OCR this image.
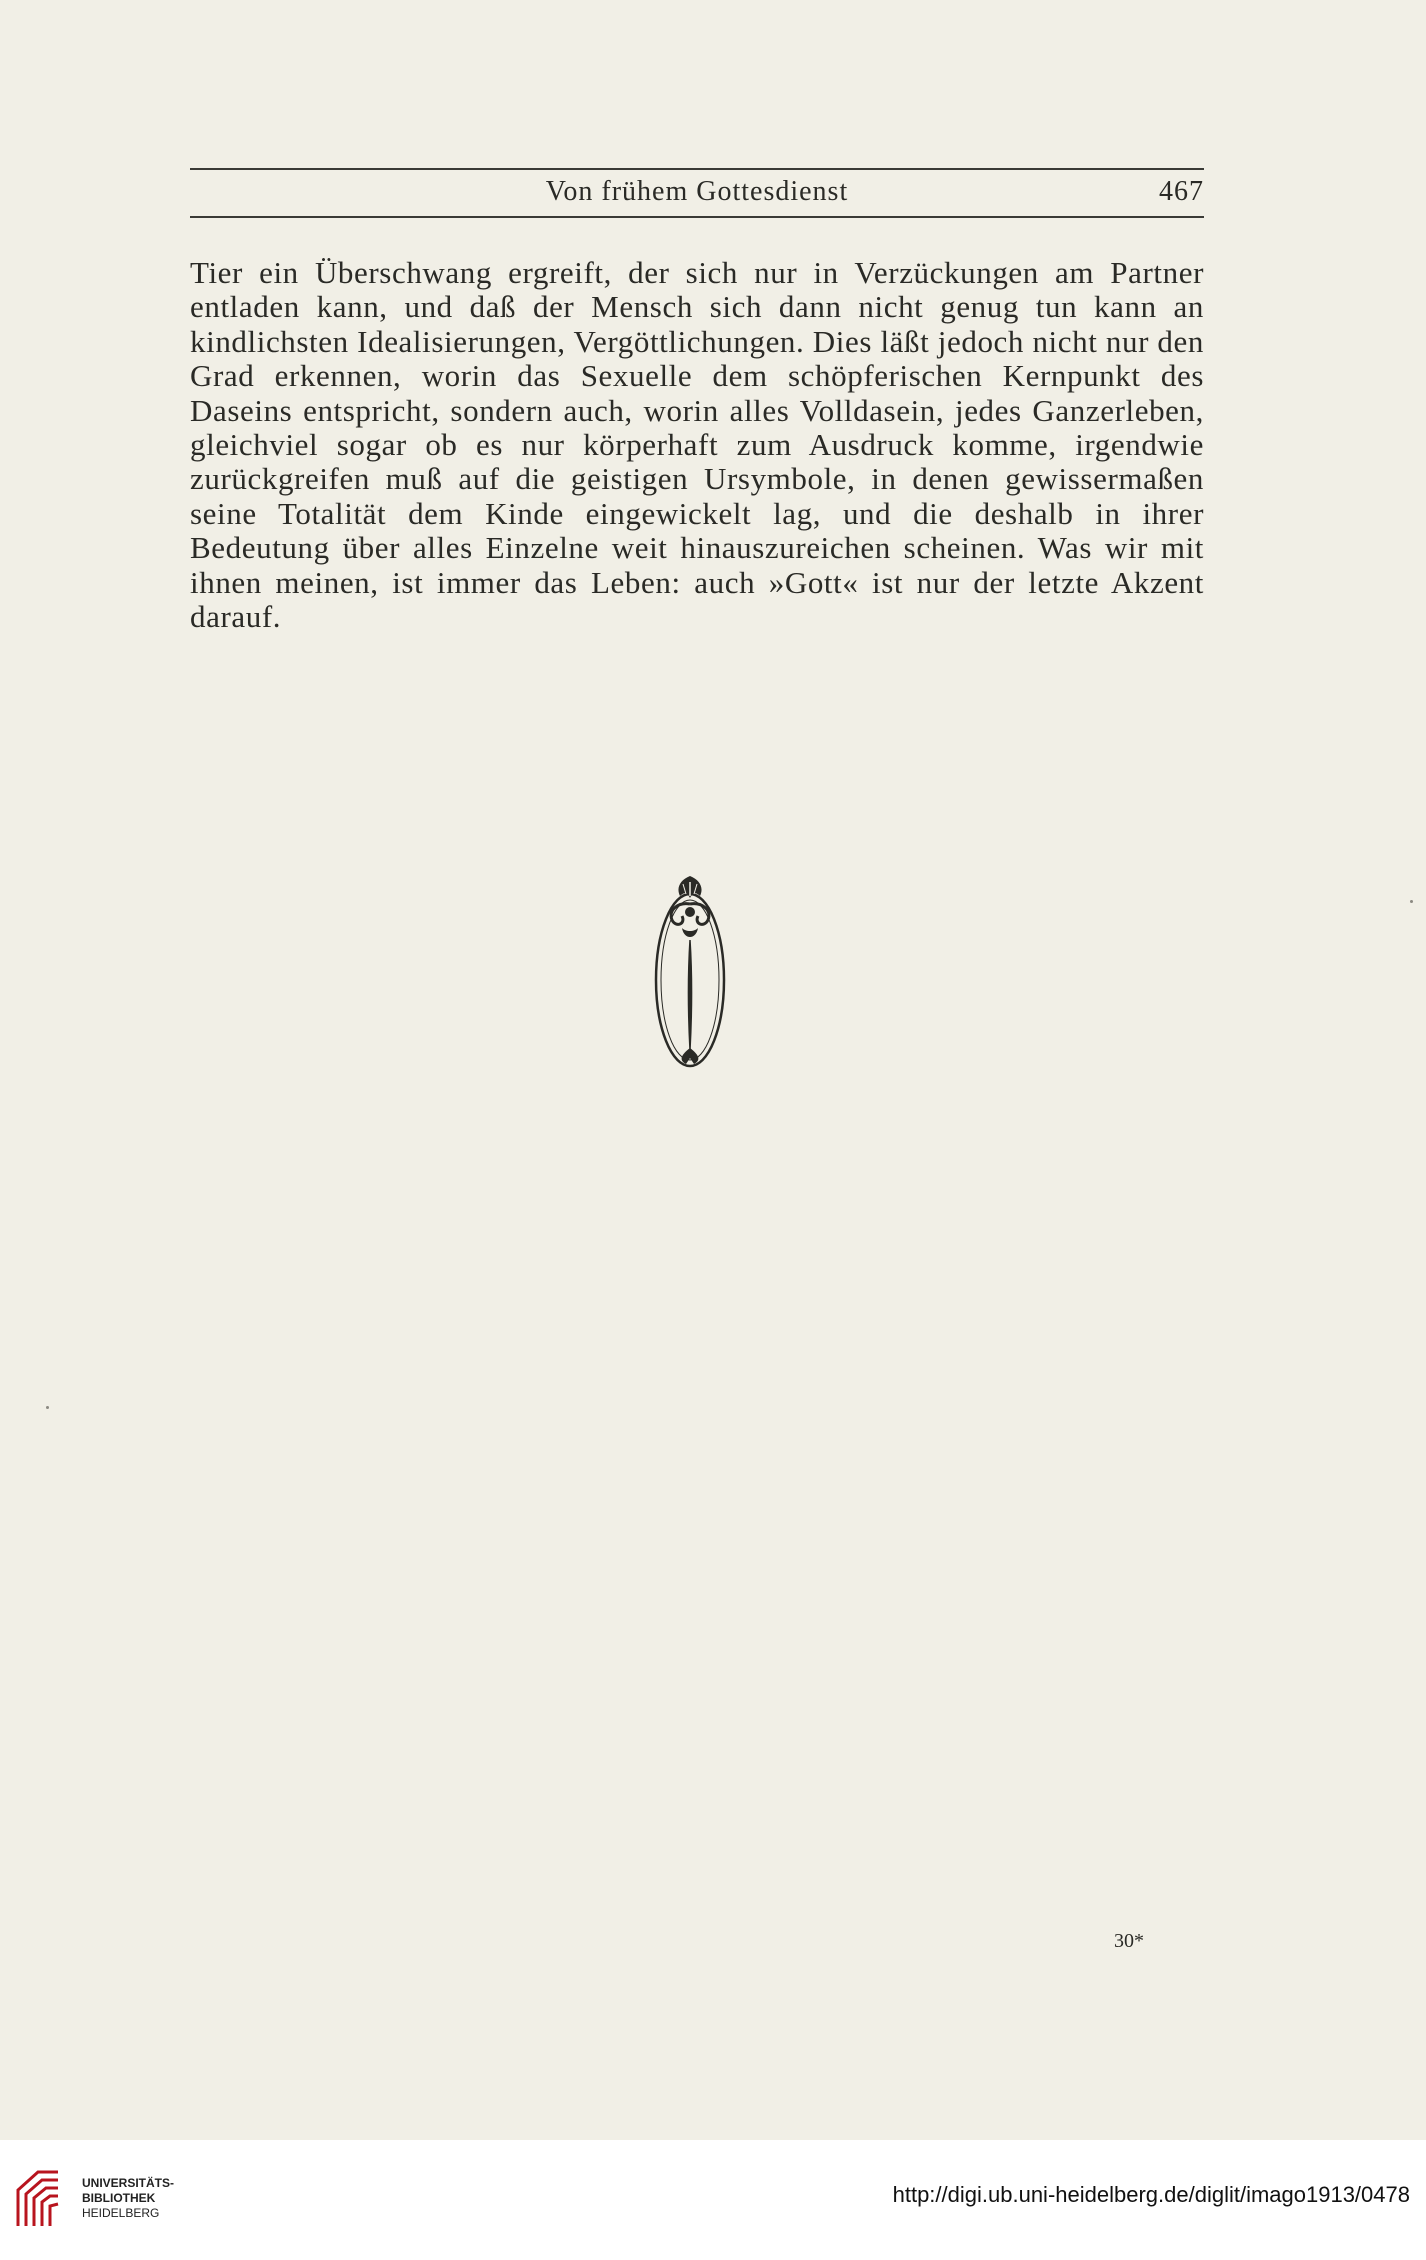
Von frühem Gottesdienst	467

Tier ein Überschwang ergreift, der sich nur in Verzückungen am Partner entladen kann, und daß der Mensch sich dann nicht genug tun kann an kindlichsten Idealisierungen, Vergöttlichungen. Dies läßt jedoch nicht nur den Grad erkennen, worin das Sexuelle dem schöpferischen Kernpunkt des Daseins entspricht, sondern auch, worin alles Volldasein, jedes Ganzerleben, gleichviel sogar ob es nur körperhaft zum Ausdruck komme, irgendwie zurückgreifen muß auf die geistigen Ursymbole, in denen gewissermaßen seine Totalität dem Kinde eingewickelt lag, und die deshalb in ihrer Bedeutung über alles Einzelne weit hinauszureichen scheinen. Was wir mit ihnen meinen, ist immer das Leben: auch »Gott« ist nur der letzte Akzent darauf.

30*
UNIVERSITÄTS-
BIBLIOTHEK
HEIDELBERG
http://digi.ub.uni-heidelberg.de/diglit/imago1913/0478
